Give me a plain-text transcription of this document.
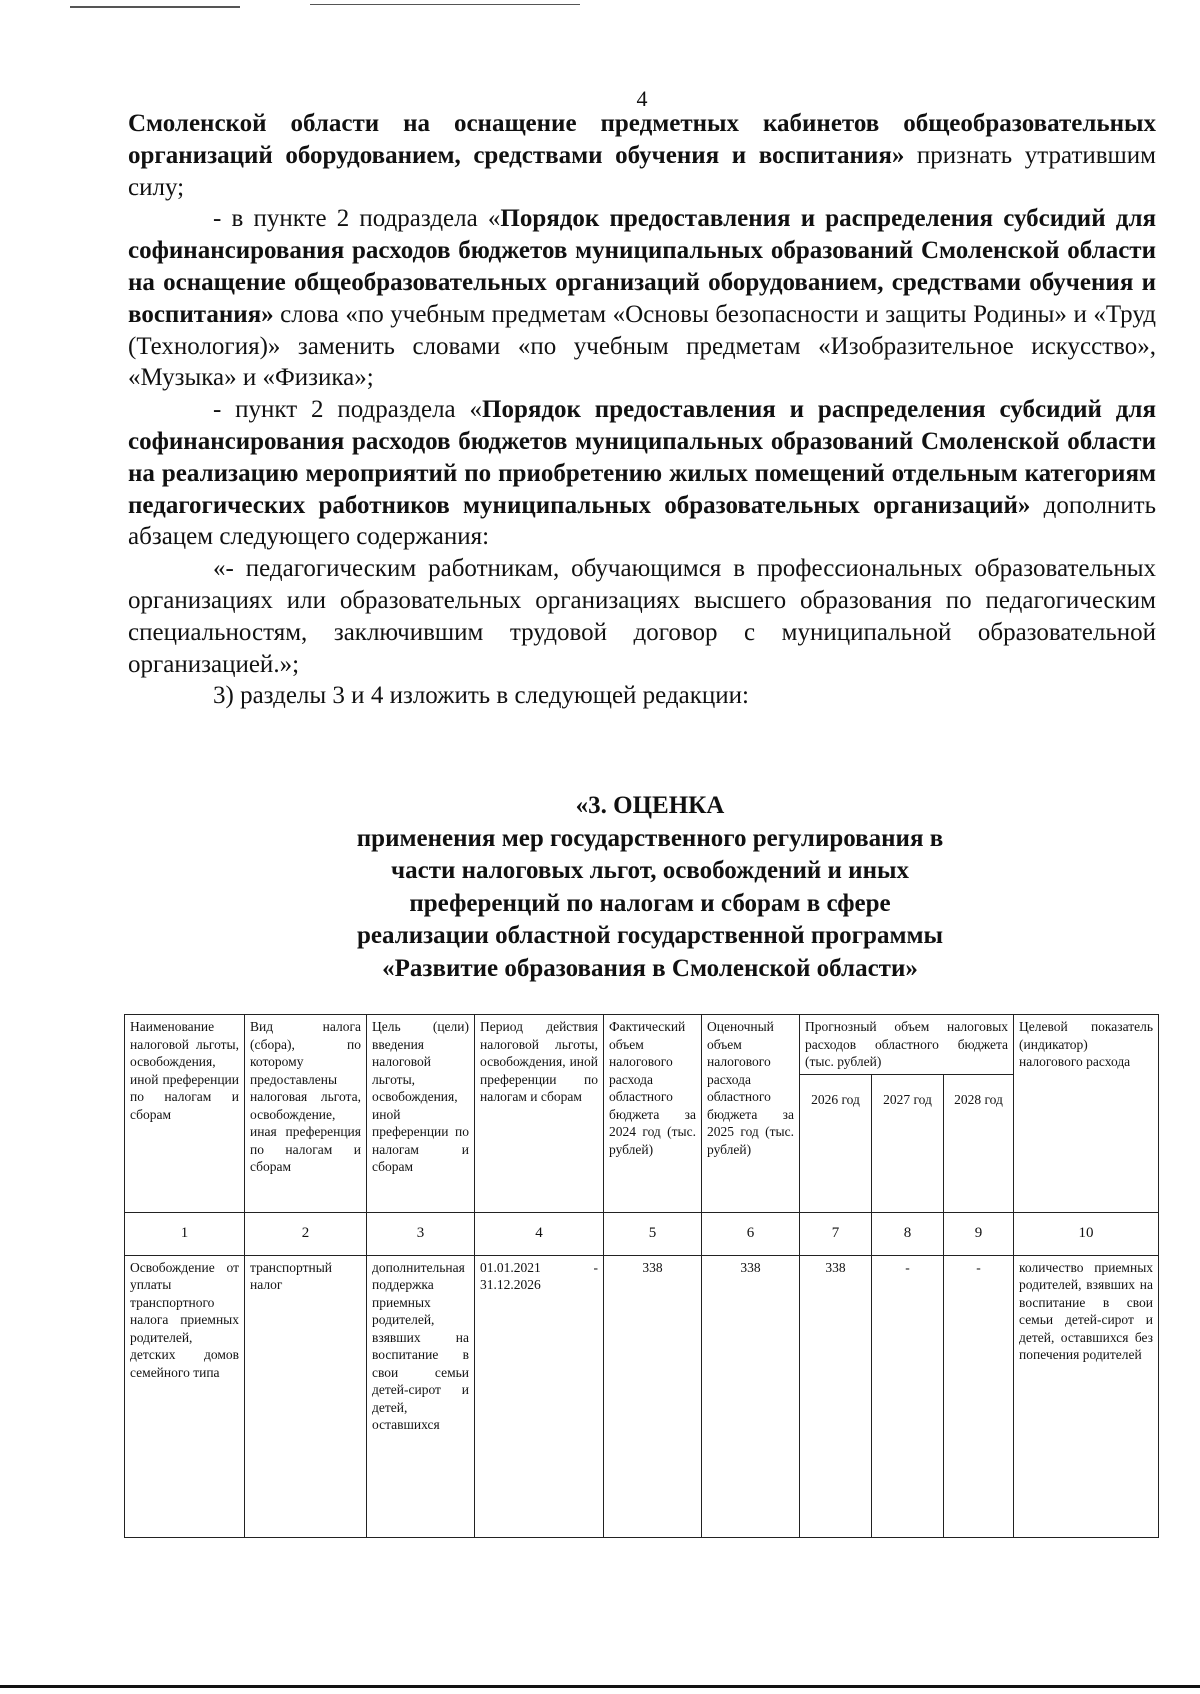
4

Смоленской области на оснащение предметных кабинетов общеобразовательных организаций оборудованием, средствами обучения и воспитания» признать утратившим силу;

- в пункте 2 подраздела «Порядок предоставления и распределения субсидий для софинансирования расходов бюджетов муниципальных образований Смоленской области на оснащение общеобразовательных организаций оборудованием, средствами обучения и воспитания» слова «по учебным предметам «Основы безопасности и защиты Родины» и «Труд (Технология)» заменить словами «по учебным предметам «Изобразительное искусство», «Музыка» и «Физика»;

- пункт 2 подраздела «Порядок предоставления и распределения субсидий для софинансирования расходов бюджетов муниципальных образований Смоленской области на реализацию мероприятий по приобретению жилых помещений отдельным категориям педагогических работников муниципальных образовательных организаций» дополнить абзацем следующего содержания:

«- педагогическим работникам, обучающимся в профессиональных образовательных организациях или образовательных организациях высшего образования по педагогическим специальностям, заключившим трудовой договор с муниципальной образовательной организацией.»;

3) разделы 3 и 4 изложить в следующей редакции:

«3. ОЦЕНКА
применения мер государственного регулирования в
части налоговых льгот, освобождений и иных
преференций по налогам и сборам в сфере
реализации областной государственной программы
«Развитие образования в Смоленской области»
Наименование налоговой льготы, освобождения, иной преференции по налогам и сборам	Вид налога (сбора), по которому предоставлены налоговая льгота, освобождение, иная преференция по налогам и сборам	Цель (цели) введения налоговой льготы, освобождения, иной преференции по налогам и сборам	Период действия налоговой льготы, освобождения, иной преференции по налогам и сборам	Фактический объем налогового расхода областного бюджета за 2024 год (тыс. рублей)	Оценочный объем налогового расхода областного бюджета за 2025 год (тыс. рублей)	Прогнозный объем налоговых расходов областного бюджета (тыс. рублей)			Целевой показатель (индикатор) налогового расхода
						2026 год	2027 год	2028 год	
1	2	3	4	5	6	7	8	9	10
Освобождение от уплаты транспортного налога приемных родителей, детских домов семейного типа	транспортный налог	дополнительная поддержка приемных родителей, взявших на воспитание в свои семьи детей-сирот и детей, оставшихся	01.01.2021 - 31.12.2026	338	338	338	-	-	количество приемных родителей, взявших на воспитание в свои семьи детей-сирот и детей, оставшихся без попечения родителей
